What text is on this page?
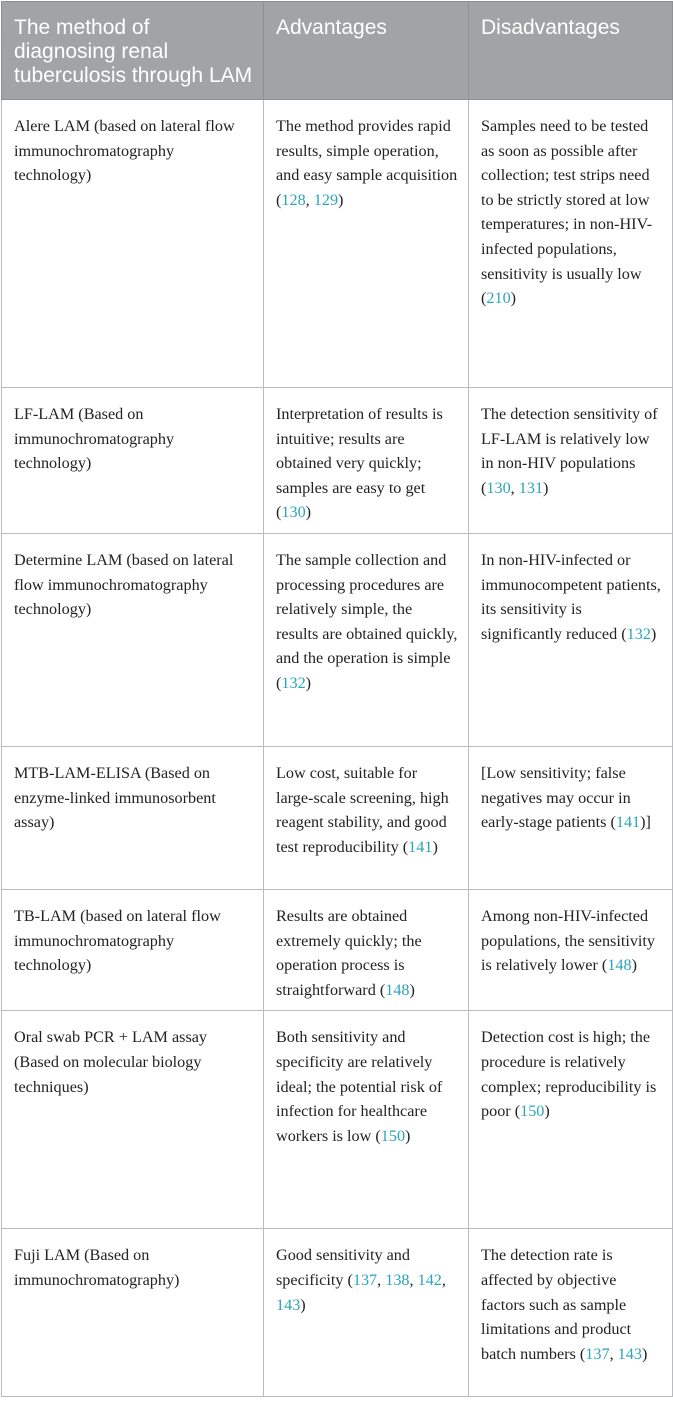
The method of diagnosing renal tuberculosis through LAM	Advantages	Disadvantages
Alere LAM (based on lateral flow immunochromatography technology)	The method provides rapid results, simple operation, and easy sample acquisition (128, 129)	Samples need to be tested as soon as possible after collection; test strips need to be strictly stored at low temperatures; in non-HIV-infected populations, sensitivity is usually low (210)
LF-LAM (Based on immunochromatography technology)	Interpretation of results is intuitive; results are obtained very quickly; samples are easy to get (130)	The detection sensitivity of LF-LAM is relatively low in non-HIV populations (130, 131)
Determine LAM (based on lateral flow immunochromatography technology)	The sample collection and processing procedures are relatively simple, the results are obtained quickly, and the operation is simple (132)	In non-HIV-infected or immunocompetent patients, its sensitivity is significantly reduced (132)
MTB-LAM-ELISA (Based on enzyme-linked immunosorbent assay)	Low cost, suitable for large-scale screening, high reagent stability, and good test reproducibility (141)	[Low sensitivity; false negatives may occur in early-stage patients (141)]
TB-LAM (based on lateral flow immunochromatography technology)	Results are obtained extremely quickly; the operation process is straightforward (148)	Among non-HIV-infected populations, the sensitivity is relatively lower (148)
Oral swab PCR + LAM assay (Based on molecular biology techniques)	Both sensitivity and specificity are relatively ideal; the potential risk of infection for healthcare workers is low (150)	Detection cost is high; the procedure is relatively complex; reproducibility is poor (150)
Fuji LAM (Based on immunochromatography)	Good sensitivity and specificity (137, 138, 142, 143)	The detection rate is affected by objective factors such as sample limitations and product batch numbers (137, 143)
